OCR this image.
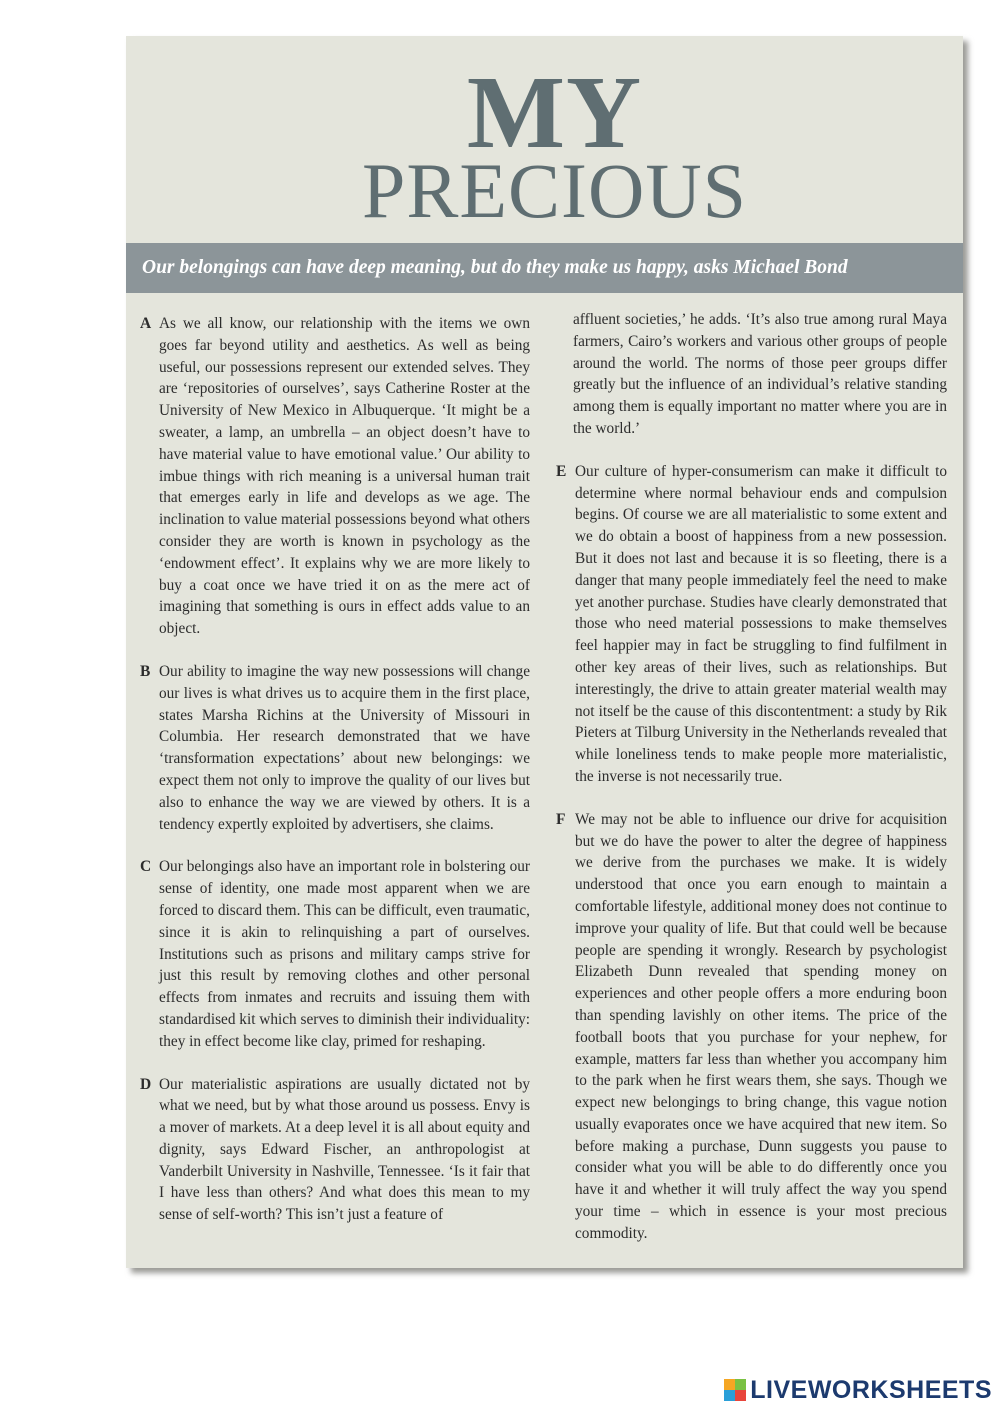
MY
PRECIOUS
Our belongings can have deep meaning, but do they make us happy, asks Michael Bond
A As we all know, our relationship with the items we own goes far beyond utility and aesthetics. As well as being useful, our possessions represent our extended selves. They are ‘repositories of ourselves’, says Catherine Roster at the University of New Mexico in Albuquerque. ‘It might be a sweater, a lamp, an umbrella – an object doesn’t have to have material value to have emotional value.’ Our ability to imbue things with rich meaning is a universal human trait that emerges early in life and develops as we age. The inclination to value material possessions beyond what others consider they are worth is known in psychology as the ‘endowment effect’. It explains why we are more likely to buy a coat once we have tried it on as the mere act of imagining that something is ours in effect adds value to an object.

B Our ability to imagine the way new possessions will change our lives is what drives us to acquire them in the first place, states Marsha Richins at the University of Missouri in Columbia. Her research demonstrated that we have ‘transformation expectations’ about new belongings: we expect them not only to improve the quality of our lives but also to enhance the way we are viewed by others. It is a tendency expertly exploited by advertisers, she claims.

C Our belongings also have an important role in bolstering our sense of identity, one made most apparent when we are forced to discard them. This can be difficult, even traumatic, since it is akin to relinquishing a part of ourselves. Institutions such as prisons and military camps strive for just this result by removing clothes and other personal effects from inmates and recruits and issuing them with standardised kit which serves to diminish their individuality: they in effect become like clay, primed for reshaping.

D Our materialistic aspirations are usually dictated not by what we need, but by what those around us possess. Envy is a mover of markets. At a deep level it is all about equity and dignity, says Edward Fischer, an anthropologist at Vanderbilt University in Nashville, Tennessee. ‘Is it fair that I have less than others? And what does this mean to my sense of self-worth? This isn’t just a feature of

affluent societies,’ he adds. ‘It’s also true among rural Maya farmers, Cairo’s workers and various other groups of people around the world. The norms of those peer groups differ greatly but the influence of an individual’s relative standing among them is equally important no matter where you are in the world.’

E Our culture of hyper-consumerism can make it difficult to determine where normal behaviour ends and compulsion begins. Of course we are all materialistic to some extent and we do obtain a boost of happiness from a new possession. But it does not last and because it is so fleeting, there is a danger that many people immediately feel the need to make yet another purchase. Studies have clearly demonstrated that those who need material possessions to make themselves feel happier may in fact be struggling to find fulfilment in other key areas of their lives, such as relationships. But interestingly, the drive to attain greater material wealth may not itself be the cause of this discontentment: a study by Rik Pieters at Tilburg University in the Netherlands revealed that while loneliness tends to make people more materialistic, the inverse is not necessarily true.

F We may not be able to influence our drive for acquisition but we do have the power to alter the degree of happiness we derive from the purchases we make. It is widely understood that once you earn enough to maintain a comfortable lifestyle, additional money does not continue to improve your quality of life. But that could well be because people are spending it wrongly. Research by psychologist Elizabeth Dunn revealed that spending money on experiences and other people offers a more enduring boon than spending lavishly on other items. The price of the football boots that you purchase for your nephew, for example, matters far less than whether you accompany him to the park when he first wears them, she says. Though we expect new belongings to bring change, this vague notion usually evaporates once we have acquired that new item. So before making a purchase, Dunn suggests you pause to consider what you will be able to do differently once you have it and whether it will truly affect the way you spend your time – which in essence is your most precious commodity.

LIVEWORKSHEETS
